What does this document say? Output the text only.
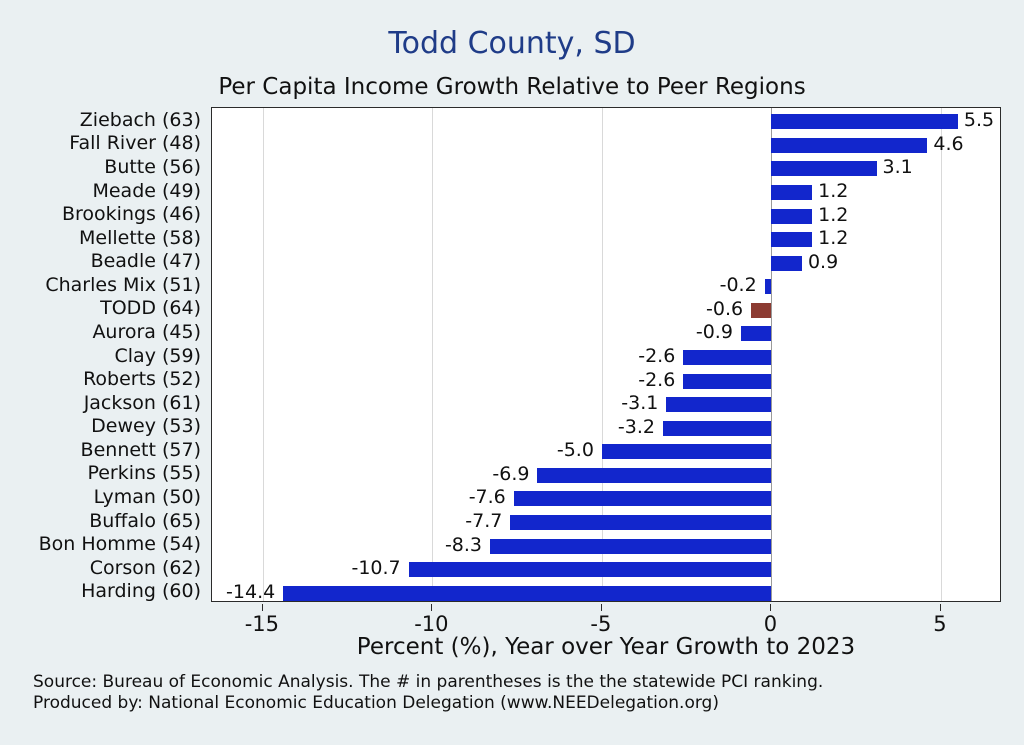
Todd County, SD
Per Capita Income Growth Relative to Peer Regions
Ziebach (63)
Fall River (48)
Butte (56)
Meade (49)
Brookings (46)
Mellette (58)
Beadle (47)
Charles Mix (51)
TODD (64)
Aurora (45)
Clay (59)
Roberts (52)
Jackson (61)
Dewey (53)
Bennett (57)
Perkins (55)
Lyman (50)
Buffalo (65)
Bon Homme (54)
Corson (62)
Harding (60)
5.5
4.6
3.1
1.2
1.2
1.2
0.9
-0.2
-0.6
-0.9
-2.6
-2.6
-3.1
-3.2
-5.0
-6.9
-7.6
-7.7
-8.3
-10.7
-14.4
-15	-10	-5	0	5
Percent (%), Year over Year Growth to 2023
Source: Bureau of Economic Analysis. The # in parentheses is the the statewide PCI ranking.
Produced by: National Economic Education Delegation (www.NEEDelegation.org)
